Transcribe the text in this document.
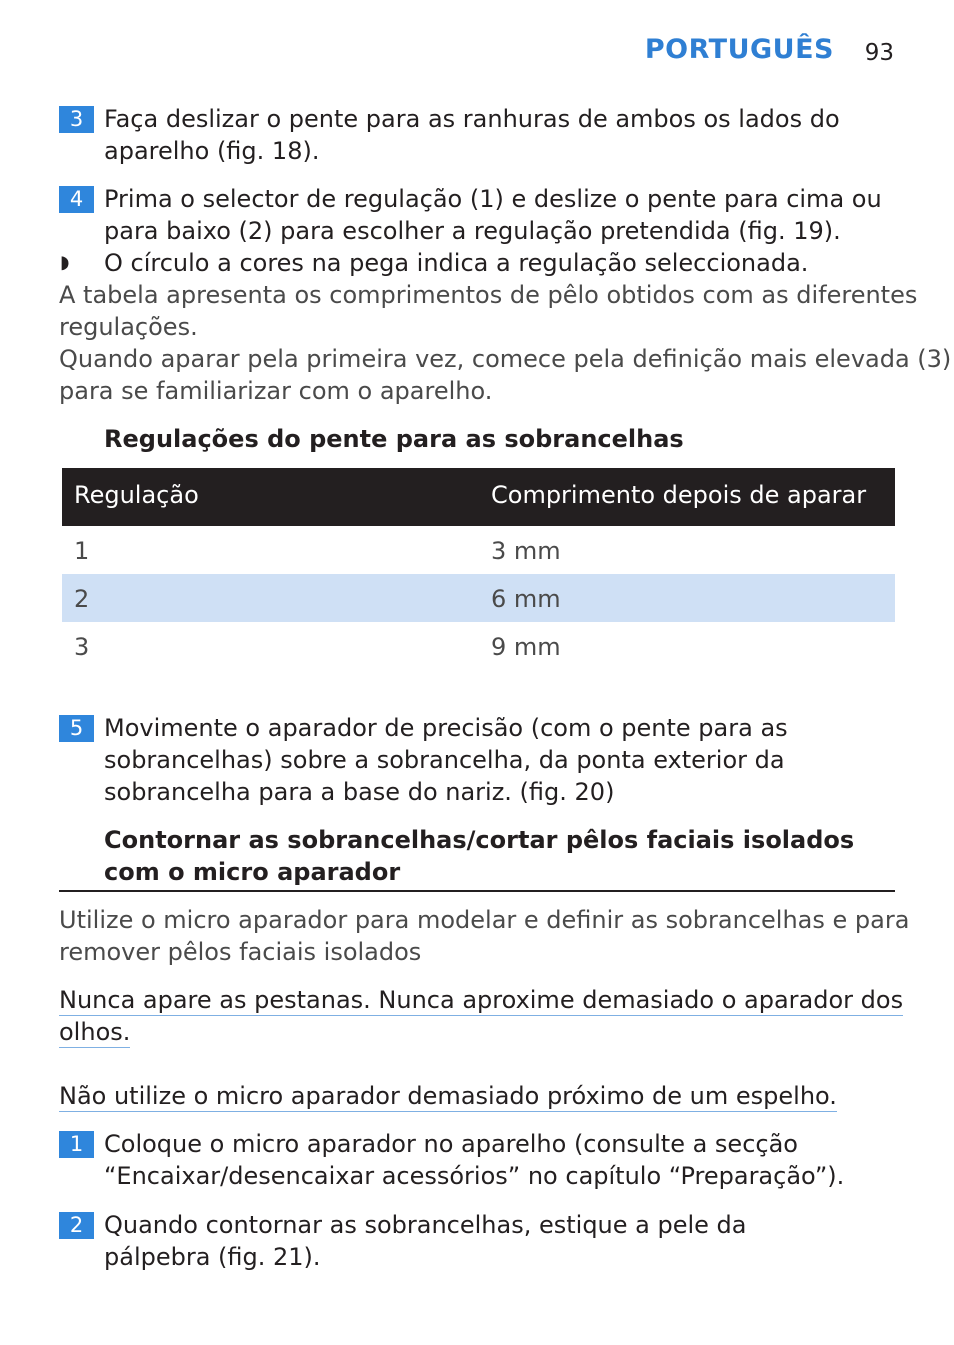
PORTUGUÊS 93
3 Faça deslizar o pente para as ranhuras de ambos os lados do
aparelho (fig. 18).
4 Prima o selector de regulação (1) e deslize o pente para cima ou
para baixo (2) para escolher a regulação pretendida (fig. 19).
◗ O círculo a cores na pega indica a regulação seleccionada.
A tabela apresenta os comprimentos de pêlo obtidos com as diferentes
regulações.
Quando aparar pela primeira vez, comece pela definição mais elevada (3)
para se familiarizar com o aparelho.
Regulações do pente para as sobrancelhas
Regulação	Comprimento depois de aparar
1	3 mm
2	6 mm
3	9 mm
5 Movimente o aparador de precisão (com o pente para as
sobrancelhas) sobre a sobrancelha, da ponta exterior da
sobrancelha para a base do nariz. (fig. 20)
Contornar as sobrancelhas/cortar pêlos faciais isolados
com o micro aparador
Utilize o micro aparador para modelar e definir as sobrancelhas e para
remover pêlos faciais isolados
Nunca apare as pestanas. Nunca aproxime demasiado o aparador dos
olhos.
Não utilize o micro aparador demasiado próximo de um espelho.
1 Coloque o micro aparador no aparelho (consulte a secção
“Encaixar/desencaixar acessórios” no capítulo “Preparação”).
2 Quando contornar as sobrancelhas, estique a pele da
pálpebra (fig. 21).
